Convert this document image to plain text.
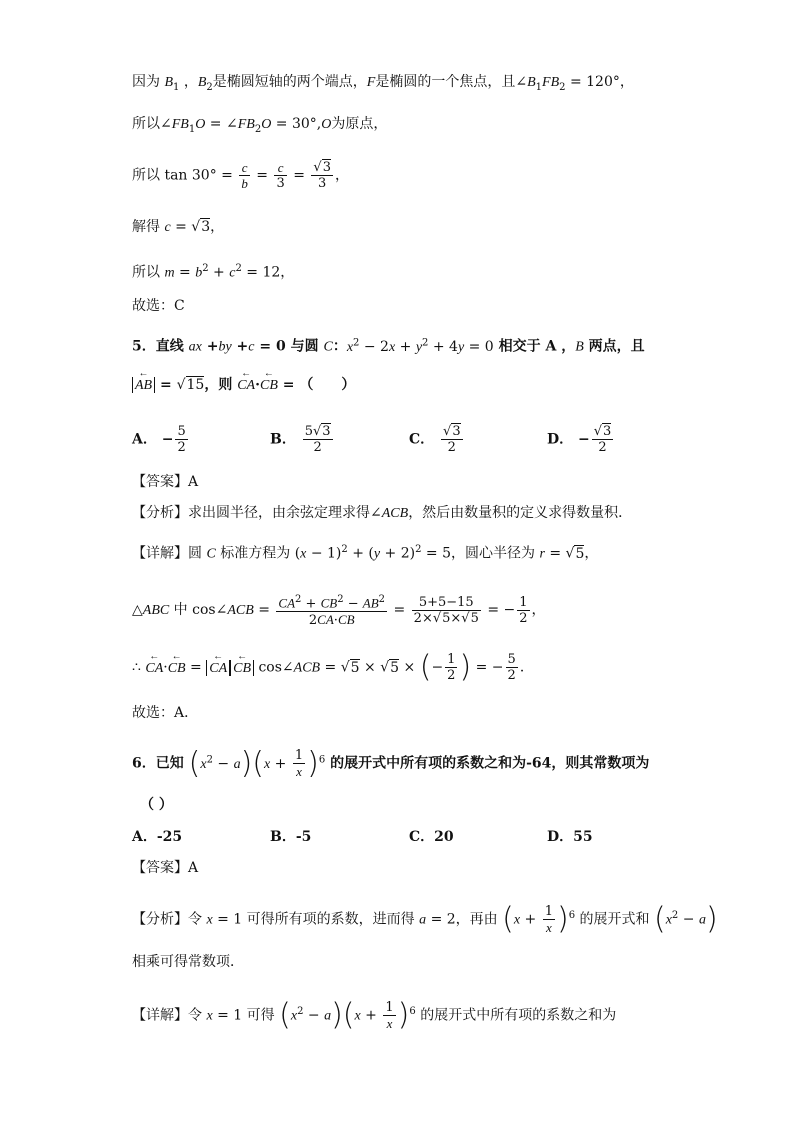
因为 $B_1$ ，$B_2$是椭圆短轴的两个端点，F是椭圆的一个焦点，且$\angle B_1FB_2 = 120^\circ$，
所以$\angle FB_1O$ = $\angle FB_2O = 30^\circ,O$为原点，
所以 $\tan 30^\circ = \frac{c}{b} = \frac{c}{3} = \frac{√3}{3}$ ，
解得 c = √3，
所以 $m = b^2 + c^2 = 12$，
故选：C
5．直线 ax +by +c = 0 与圆 C：$x^2 - 2x + y^2 + 4y = 0$ 相交于 A ，B 两点，且
← AB = √15，则 ← CA·← CB = （　　）
A． − $\frac{5}{2}$	B． $\frac{5√3}{2}$	C． $\frac{√3}{2}$	D． − $\frac{√3}{2}$
【答案】A
【分析】求出圆半径，由余弦定理求得∠ACB，然后由数量积的定义求得数量积．
【详解】圆 C 标准方程为 $(x - 1)^2 + (y + 2)^2 = 5$，圆心半径为 r = √5，
△ABC 中 cos∠ACB = $\frac{CA^2 + CB^2 - AB^2}{2CA\cdot CB} = \frac{5+5-15}{2\times√5\times√5}$ = − $\frac{1}{2}$ ，
∴ ← CA·← CB = ← CA← CB cos∠ACB = √5 × √5 × (− $\frac{1}{2}$ ) = − $\frac{5}{2}$ ．
故选：A．
6．已知 $(x^2 - a)(x + \frac{1}{x} )^6$ 的展开式中所有项的系数之和为-64，则其常数项为
（ ）
A．-25	B．-5	C．20	D．55
【答案】A
【分析】令 x = 1 可得所有项的系数，进而得 a = 2，再由 $(x + \frac{1}{x} )^6$ 的展开式和 $(x^2 - a)$
相乘可得常数项．
【详解】令 x = 1 可得 $(x^2 - a)(x + \frac{1}{x} )^6$ 的展开式中所有项的系数之和为
